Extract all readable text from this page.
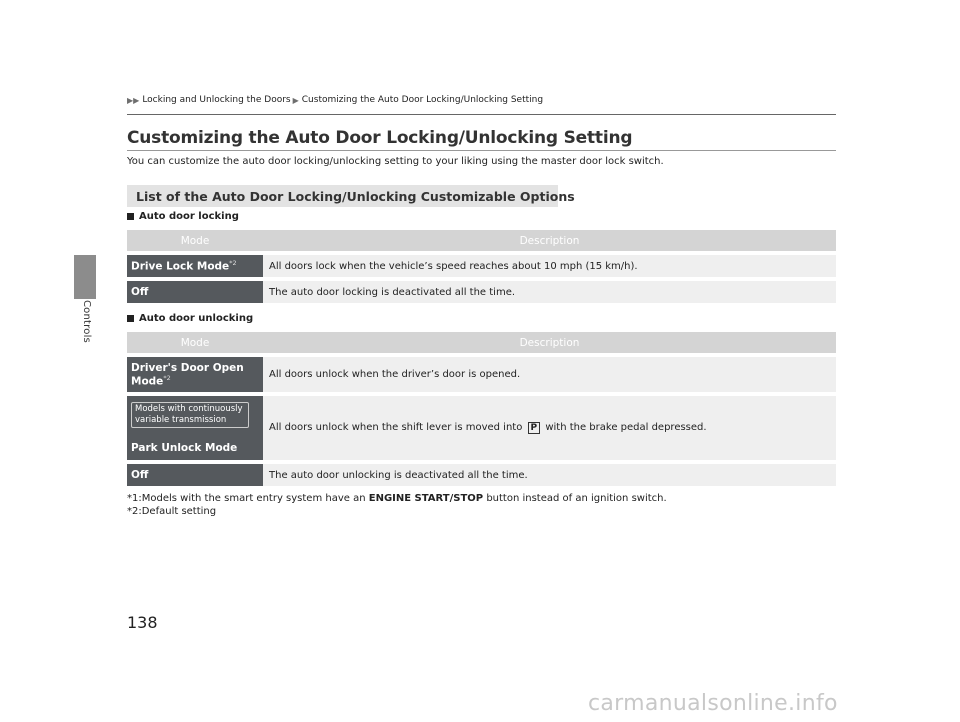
Controls
▶▶ Locking and Unlocking the Doors ▶ Customizing the Auto Door Locking/Unlocking Setting
Customizing the Auto Door Locking/Unlocking Setting
You can customize the auto door locking/unlocking setting to your liking using the master door lock switch.
List of the Auto Door Locking/Unlocking Customizable Options
Auto door locking
Mode	Description
Drive Lock Mode$^{*2}$	All doors lock when the vehicle’s speed reaches about 10 mph (15 km/h).
Off	The auto door locking is deactivated all the time.
Auto door unlocking
Mode	Description
Driver's Door Open Mode$^{*2}$	All doors unlock when the driver’s door is opened.

Models with continuously variable transmission
Park Unlock Mode	All doors unlock when the shift lever is moved into P with the brake pedal depressed.
Off	The auto door unlocking is deactivated all the time.
*1:Models with the smart entry system have an ENGINE START/STOP button instead of an ignition switch.
*2:Default setting
138
carmanualsonline.info
